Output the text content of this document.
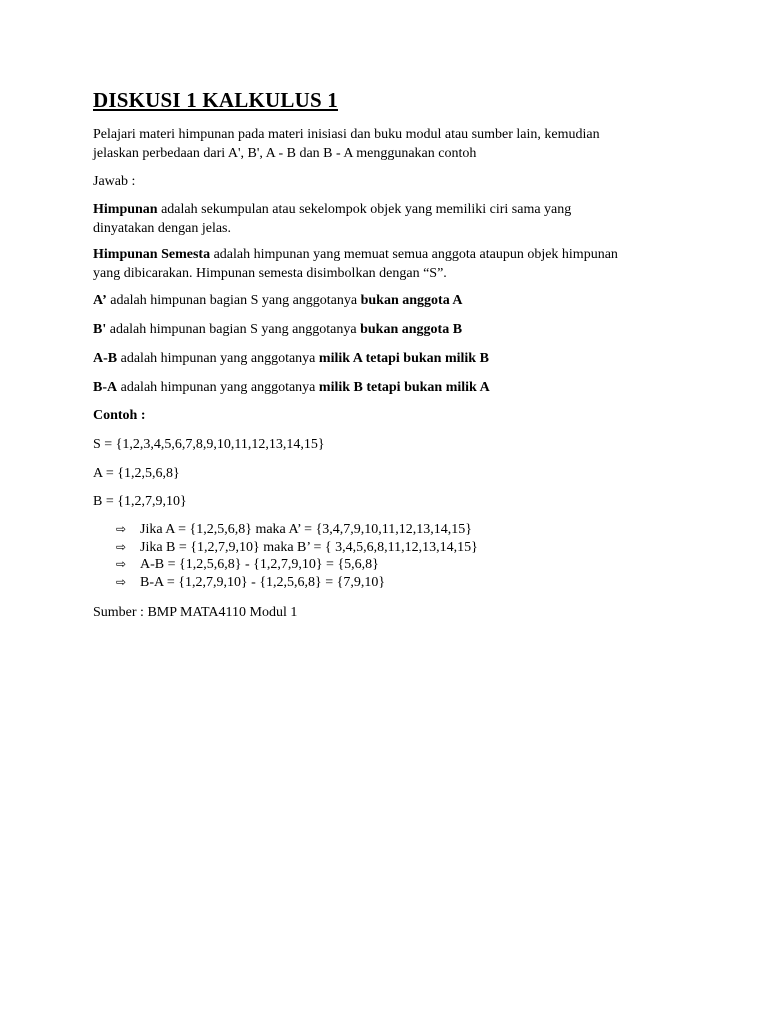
DISKUSI 1 KALKULUS 1

Pelajari materi himpunan pada materi inisiasi dan buku modul atau sumber lain, kemudian
jelaskan perbedaan dari A', B', A - B dan B - A menggunakan contoh

Jawab :

Himpunan adalah sekumpulan atau sekelompok objek yang memiliki ciri sama yang
dinyatakan dengan jelas.

Himpunan Semesta adalah himpunan yang memuat semua anggota ataupun objek himpunan
yang dibicarakan. Himpunan semesta disimbolkan dengan “S”.

A’ adalah himpunan bagian S yang anggotanya bukan anggota A

B' adalah himpunan bagian S yang anggotanya bukan anggota B

A-B adalah himpunan yang anggotanya milik A tetapi bukan milik B

B-A adalah himpunan yang anggotanya milik B tetapi bukan milik A

Contoh :

S = {1,2,3,4,5,6,7,8,9,10,11,12,13,14,15}

A = {1,2,5,6,8}

B = {1,2,7,9,10}

⇨ Jika A = {1,2,5,6,8} maka A’ = {3,4,7,9,10,11,12,13,14,15}
⇨ Jika B = {1,2,7,9,10} maka B’ = { 3,4,5,6,8,11,12,13,14,15}
⇨ A-B = {1,2,5,6,8} - {1,2,7,9,10} = {5,6,8}
⇨ B-A = {1,2,7,9,10} - {1,2,5,6,8} = {7,9,10}

Sumber : BMP MATA4110 Modul 1
